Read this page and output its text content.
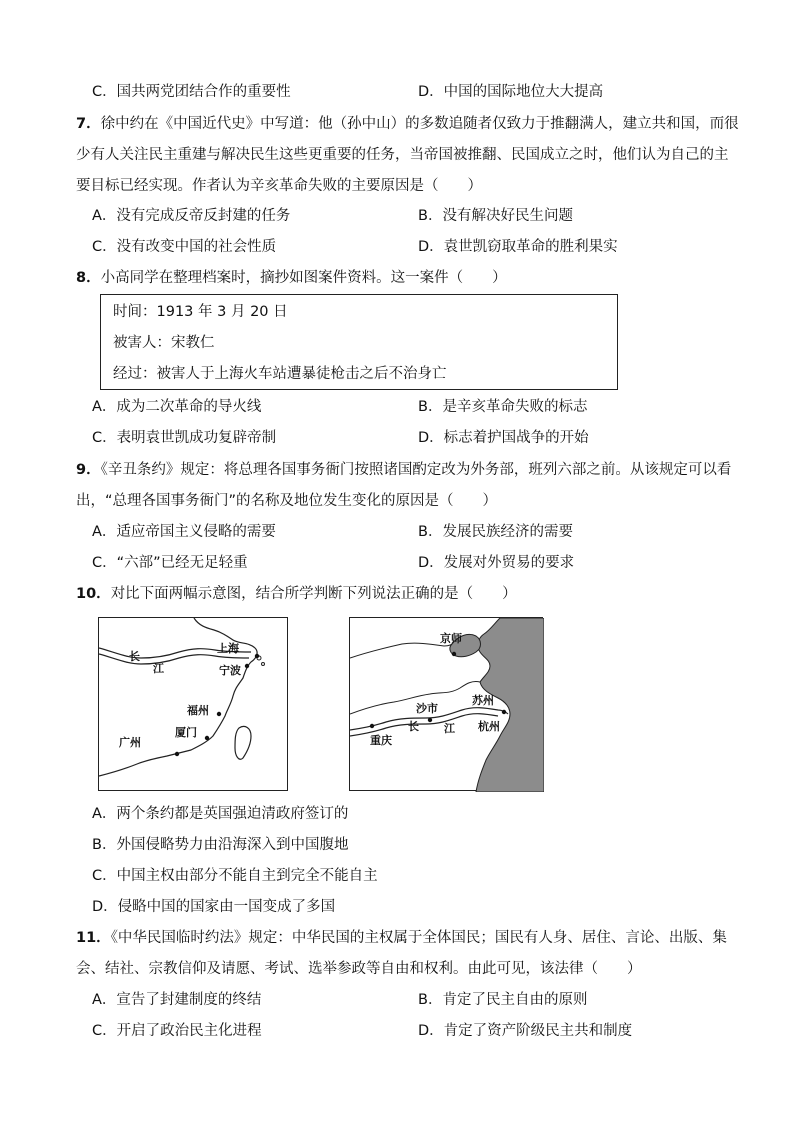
C．国共两党团结合作的重要性	D．中国的国际地位大大提高
7．徐中约在《中国近代史》中写道：他（孙中山）的多数追随者仅致力于推翻满人，建立共和国，而很
少有人关注民主重建与解决民生这些更重要的任务，当帝国被推翻、民国成立之时，他们认为自己的主
要目标已经实现。作者认为辛亥革命失败的主要原因是（　　）
A．没有完成反帝反封建的任务	B．没有解决好民生问题
C．没有改变中国的社会性质	D．袁世凯窃取革命的胜利果实
8．小高同学在整理档案时，摘抄如图案件资料。这一案件（　　）
时间：1913 年 3 月 20 日
被害人：宋教仁
经过：被害人于上海火车站遭暴徒枪击之后不治身亡
A．成为二次革命的导火线	B．是辛亥革命失败的标志
C．表明袁世凯成功复辟帝制	D．标志着护国战争的开始
9．《辛丑条约》规定：将总理各国事务衙门按照诸国酌定改为外务部，班列六部之前。从该规定可以看
出，“总理各国事务衙门”的名称及地位发生变化的原因是（　　）
A．适应帝国主义侵略的需要	B．发展民族经济的需要
C．“六部”已经无足轻重	D．发展对外贸易的要求
10．对比下面两幅示意图，结合所学判断下列说法正确的是（　　）
长
江
上海
宁波
福州
广州
厦门
京师
沙市
苏州
重庆
长 江 杭州
A．两个条约都是英国强迫清政府签订的
B．外国侵略势力由沿海深入到中国腹地
C．中国主权由部分不能自主到完全不能自主
D．侵略中国的国家由一国变成了多国
11．《中华民国临时约法》规定：中华民国的主权属于全体国民；国民有人身、居住、言论、出版、集
会、结社、宗教信仰及请愿、考试、选举参政等自由和权利。由此可见，该法律（　　）
A．宣告了封建制度的终结	B．肯定了民主自由的原则
C．开启了政治民主化进程	D．肯定了资产阶级民主共和制度
